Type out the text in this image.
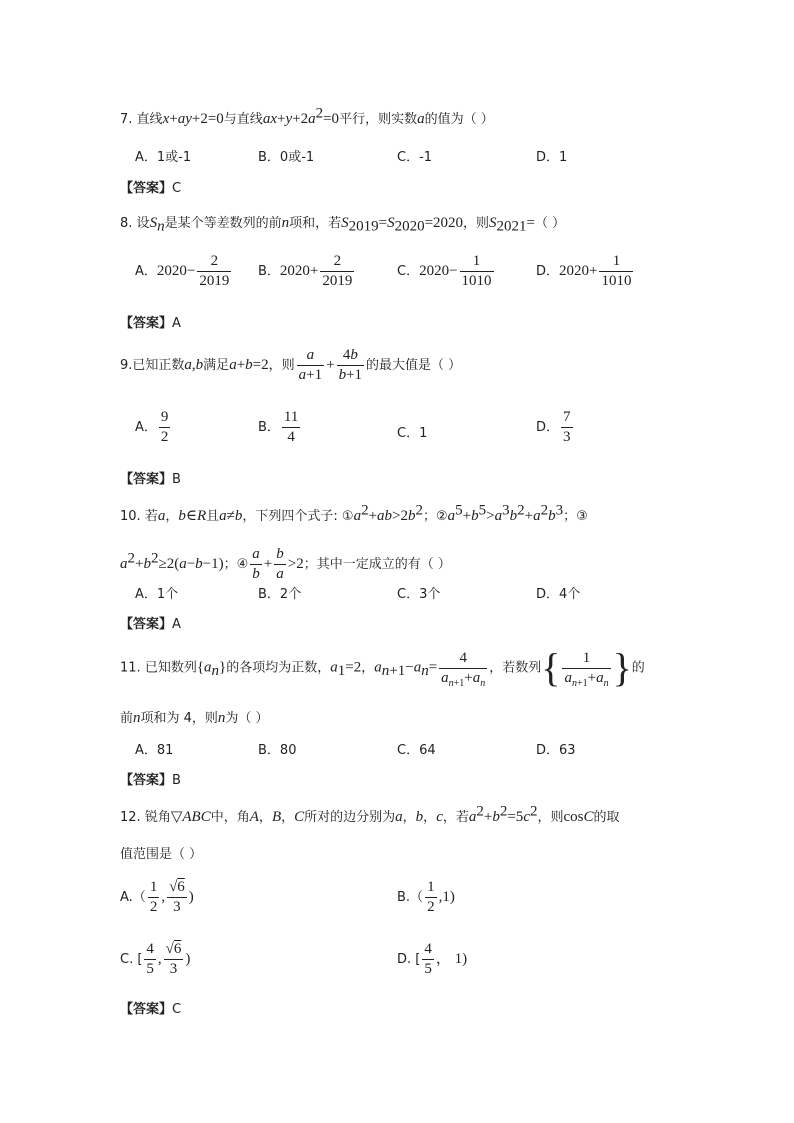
7. 直线x+ay+2=0与直线$ax+y+2a^2=0$平行，则实数a的值为（ ）
A．1或-1	B．0或-1	C．-1	D．1
【答案】C
8. 设$S_n$是某个等差数列的前n项和，若$S_{2019}=S_{2020}=2020$，则$S_{2021}=$（ ）
A．$2020- \frac{2}{2019}$ B．$2020+ \frac{2}{2019}$	C．$2020- \frac{1}{1010}$	D．$2020+ \frac{1}{1010}$
【答案】A
9.已知正数a,b满足a+b=2，则 $\frac{a}{a+1} + \frac{4b}{b+1}$ 的最大值是（ ）
A． $\frac{9}{2}$	B． $\frac{11}{4}$	C．1	D． $\frac{7}{3}$
【答案】B
10. 若a，b∈R且a≠b，下列四个式子: $①a^2+ab>2b^2$；$②a^5+b^5>a^3b^2+a^2b^3$；③
$a^2+b^2\ge 2(a-b-1)$；④ $\frac{a}{b} + \frac{b}{a} >2$；其中一定成立的有（ ）
A．1个	B．2个	C．3个	D．4个
【答案】A
11. 已知数列$\{a_n\}$的各项均为正数，$a_1=2$，$a_{n+1}-a_n= \frac{4}{a_{n+1}+a_n}$ ，若数列{ $\frac{1}{a_{n+1}+a_n}$ }的
前n项和为 4，则n为（ ）
A．81	B．80	C．64	D．63
【答案】B
12. 锐角▽ABC中，角A，B，C所对的边分别为a，b，c，若$a^2+b^2=5c^2$，则cosC的取
值范围是（ ）
$A.( \frac{1}{2}$ , $\frac{√6}{3}$ )	$B.( \frac{1}{2} ,1)$
C. [ $\frac{4}{5}$ , $\frac{√6}{3}$ )	D. [ $\frac{4}{5}$ ， 1)
【答案】C
